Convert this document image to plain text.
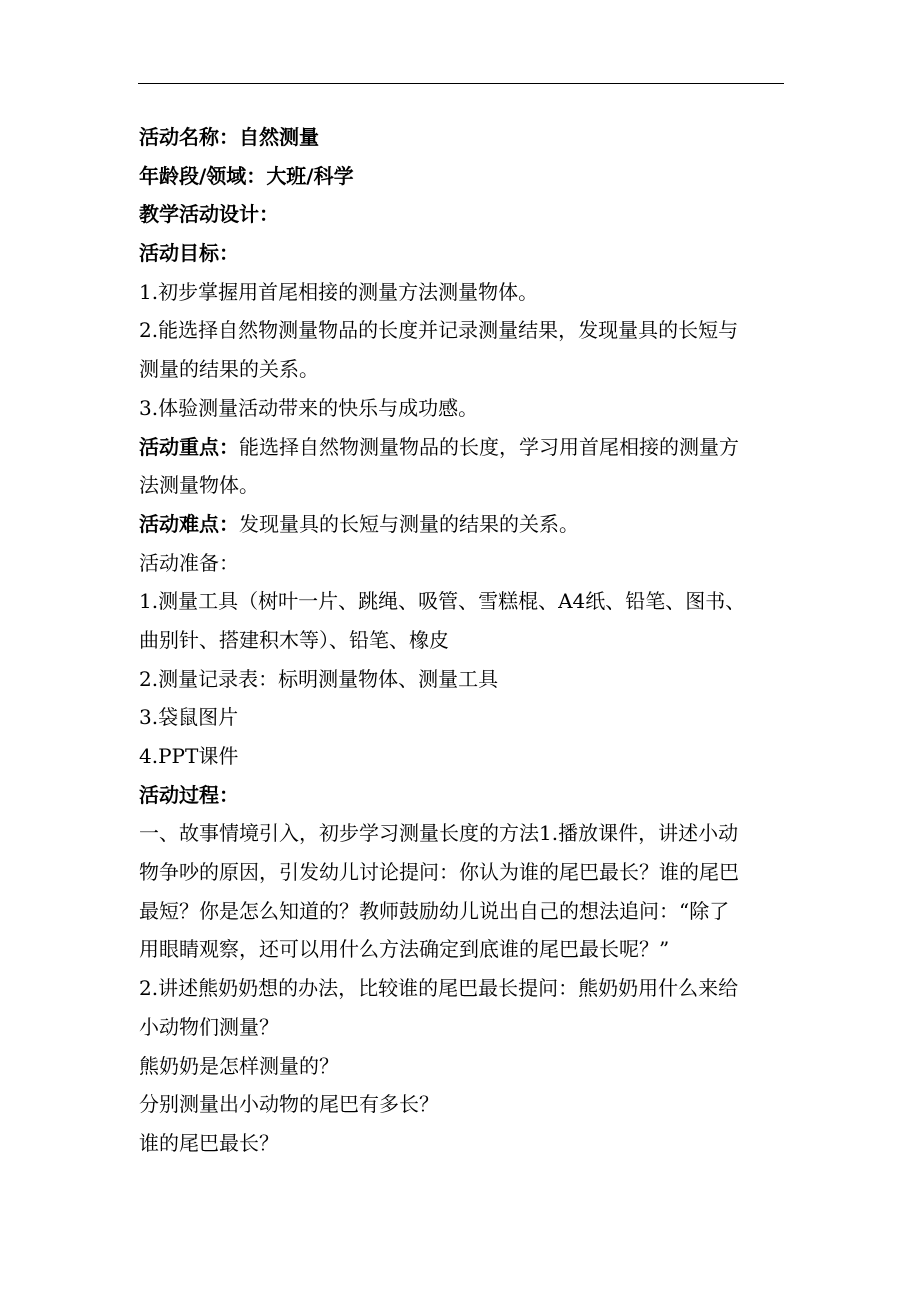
活动名称：自然测量

年龄段/领域：大班/科学

教学活动设计：

活动目标：

1.初步掌握用首尾相接的测量方法测量物体。

2.能选择自然物测量物品的长度并记录测量结果，发现量具的长短与

测量的结果的关系。

3.体验测量活动带来的快乐与成功感。

活动重点：能选择自然物测量物品的长度，学习用首尾相接的测量方

法测量物体。

活动难点：发现量具的长短与测量的结果的关系。

活动准备：

1.测量工具（树叶一片、跳绳、吸管、雪糕棍、A4纸、铅笔、图书、

曲别针、搭建积木等）、铅笔、橡皮

2.测量记录表：标明测量物体、测量工具

3.袋鼠图片

4.PPT课件

活动过程：

一、故事情境引入，初步学习测量长度的方法1.播放课件，讲述小动

物争吵的原因，引发幼儿讨论提问：你认为谁的尾巴最长？谁的尾巴

最短？你是怎么知道的？教师鼓励幼儿说出自己的想法追问：“除了

用眼睛观察，还可以用什么方法确定到底谁的尾巴最长呢？”

2.讲述熊奶奶想的办法，比较谁的尾巴最长提问：熊奶奶用什么来给

小动物们测量？

熊奶奶是怎样测量的？

分别测量出小动物的尾巴有多长？

谁的尾巴最长？
